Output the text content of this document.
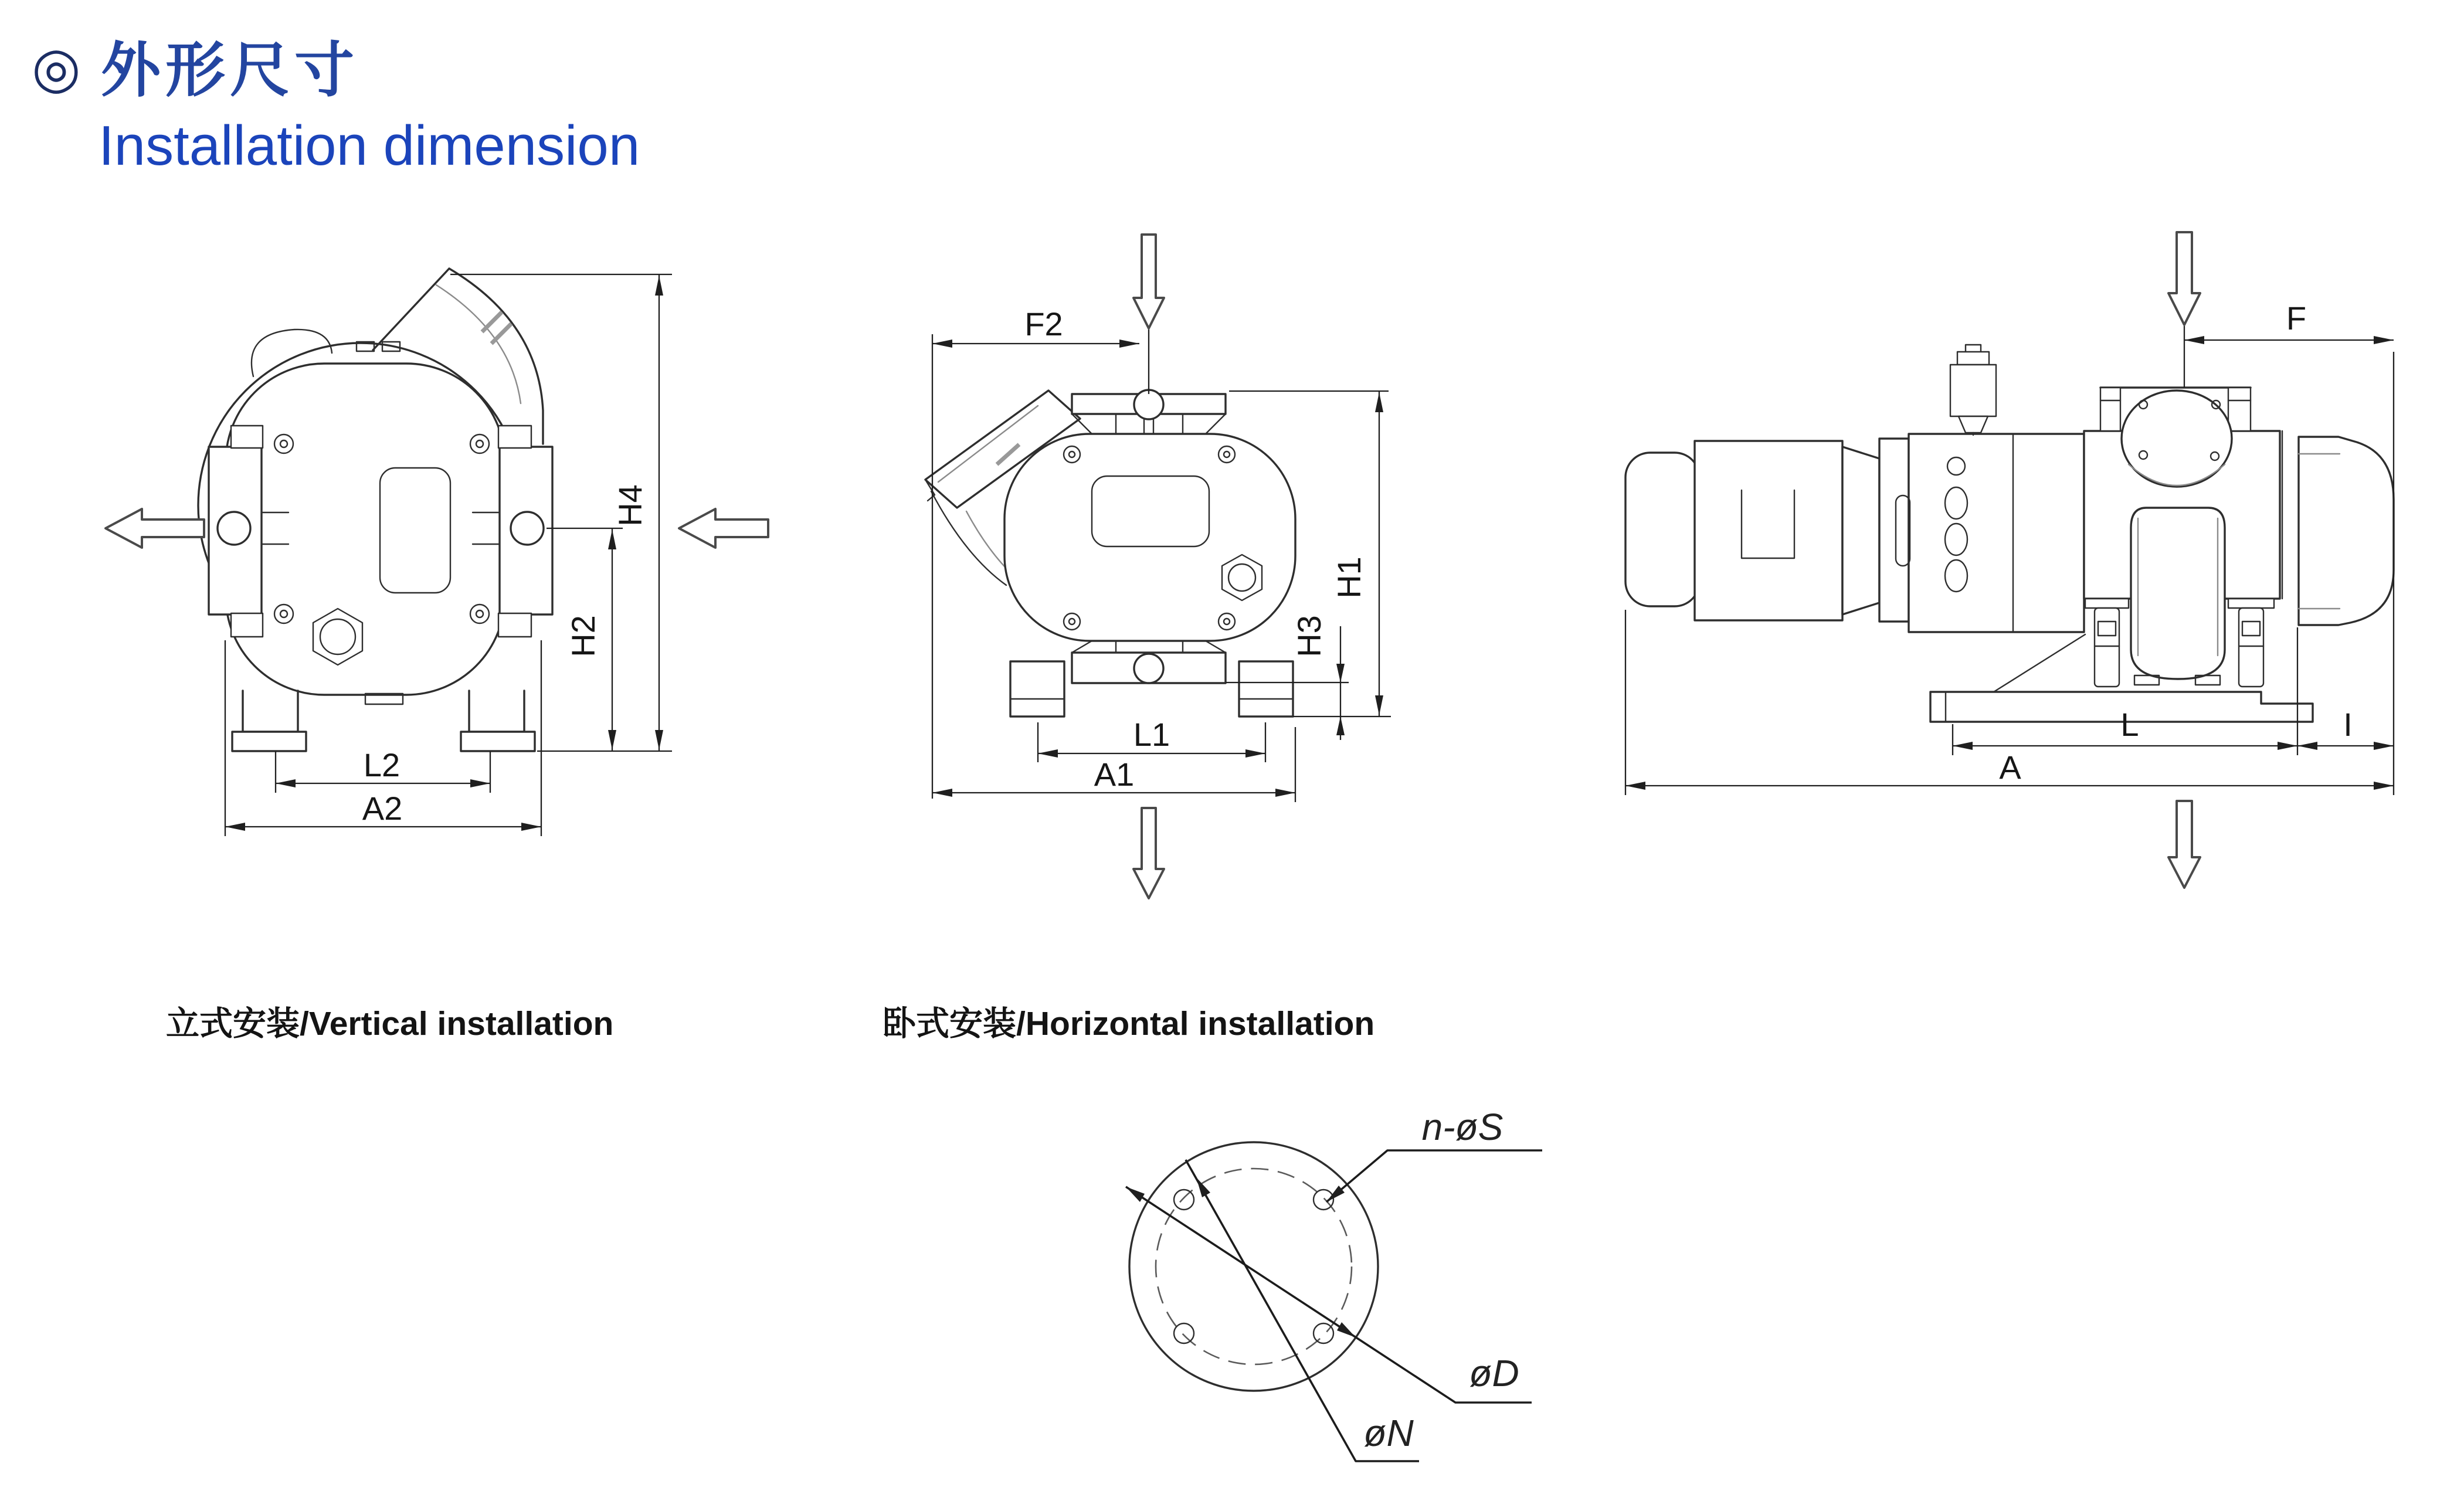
◎ 外形尺寸
Installation dimension
H4
H2
L2
A2
F2
H1
H3
L1
A1
F
L	I
A
n-øS
øD
øN
立式安装/Vertical installation	卧式安装/Horizontal installation
